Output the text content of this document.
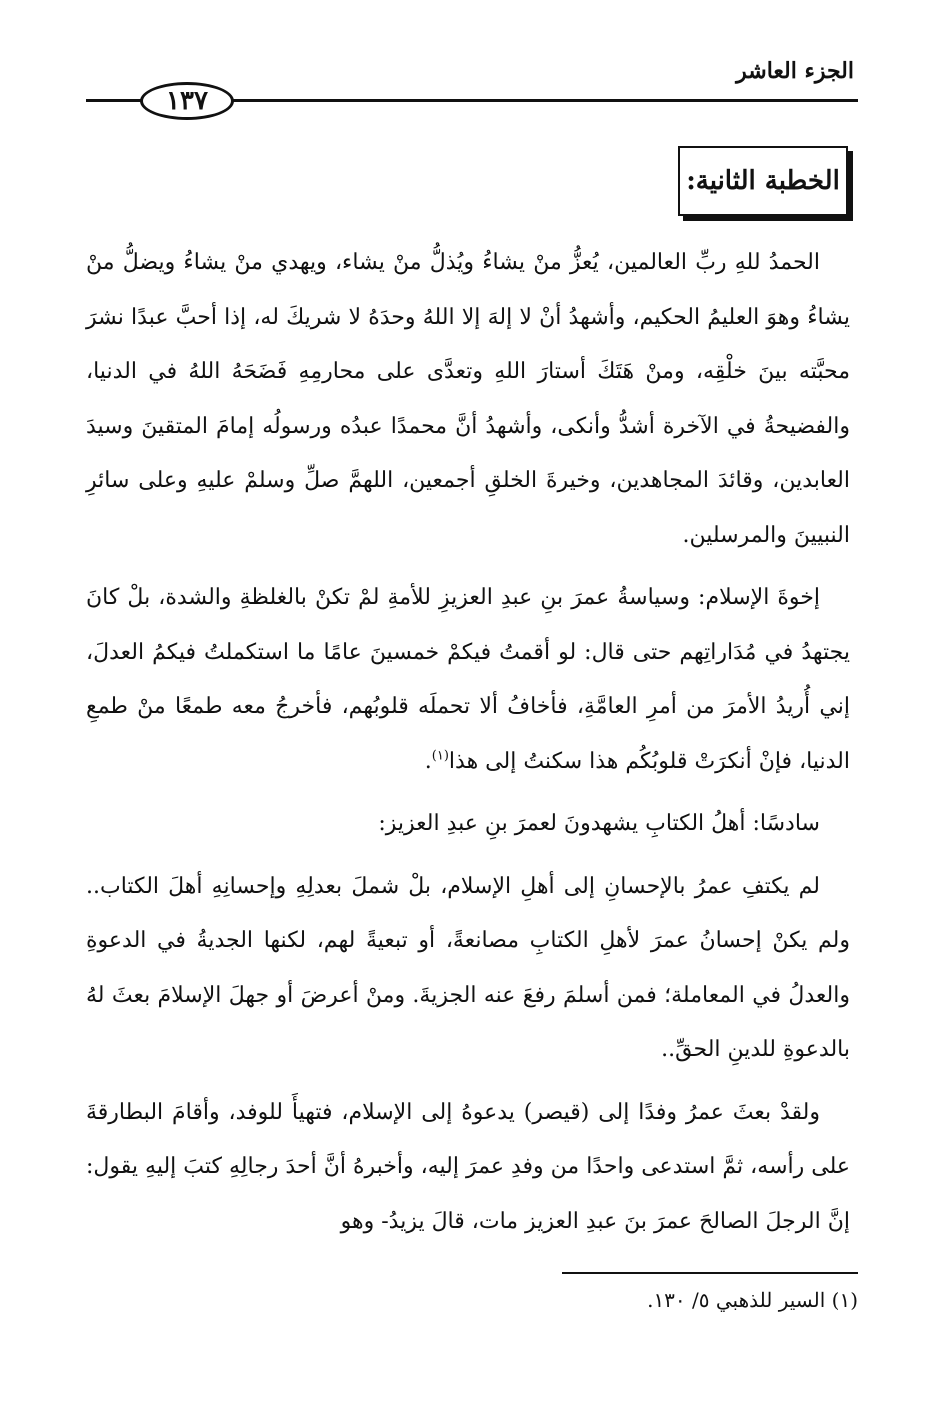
الجزء العاشر
١٣٧
الخطبة الثانية:

الحمدُ للهِ ربِّ العالمين، يُعزُّ منْ يشاءُ ويُذلُّ منْ يشاء، ويهدي منْ يشاءُ ويضلُّ منْ يشاءُ وهوَ العليمُ الحكيم، وأشهدُ أنْ لا إلهَ إلا اللهُ وحدَهُ لا شريكَ له، إذا أحبَّ عبدًا نشرَ محبَّته بينَ خلْقِه، ومنْ هَتَكَ أستارَ اللهِ وتعدَّى على محارمِهِ فَضَحَهُ اللهُ في الدنيا، والفضيحةُ في الآخرة أشدُّ وأنكى، وأشهدُ أنَّ محمدًا عبدُه ورسولُه إمامَ المتقينَ وسيدَ العابدين، وقائدَ المجاهدين، وخيرةَ الخلقِ أجمعين، اللهمَّ صلِّ وسلمْ عليهِ وعلى سائرِ النبيينَ والمرسلين.

إخوةَ الإسلام: وسياسةُ عمرَ بنِ عبدِ العزيزِ للأمةِ لمْ تكنْ بالغلظةِ والشدة، بلْ كانَ يجتهدُ في مُدَاراتِهم حتى قال: لو أقمتُ فيكمْ خمسينَ عامًا ما استكملتُ فيكمُ العدلَ، إني أُريدُ الأمرَ من أمرِ العامَّةِ، فأخافُ ألا تحملَه قلوبُهم، فأخرجُ معه طمعًا منْ طمعِ الدنيا، فإنْ أنكرَتْ قلوبُكُم هذا سكنتُ إلى هذا$^{(١)}$.

سادسًا: أهلُ الكتابِ يشهدونَ لعمرَ بنِ عبدِ العزيز:

لم يكتفِ عمرُ بالإحسانِ إلى أهلِ الإسلام، بلْ شملَ بعدلِهِ وإحسانِهِ أهلَ الكتاب.. ولم يكنْ إحسانُ عمرَ لأهلِ الكتابِ مصانعةً، أو تبعيةً لهم، لكنها الجديةُ في الدعوةِ والعدلُ في المعاملة؛ فمن أسلمَ رفعَ عنه الجزيةَ. ومنْ أعرضَ أو جهلَ الإسلامَ بعثَ لهُ بالدعوةِ للدينِ الحقِّ..

ولقدْ بعثَ عمرُ وفدًا إلى (قيصر) يدعوهُ إلى الإسلام، فتهيأَ للوفد، وأقامَ البطارقةَ على رأسه، ثمَّ استدعى واحدًا من وفدِ عمرَ إليه، وأخبرهُ أنَّ أحدَ رجالِهِ كتبَ إليهِ يقول: إنَّ الرجلَ الصالحَ عمرَ بنَ عبدِ العزيز مات، قالَ يزيدُ- وهو

(١) السير للذهبي ٥/ ١٣٠.
